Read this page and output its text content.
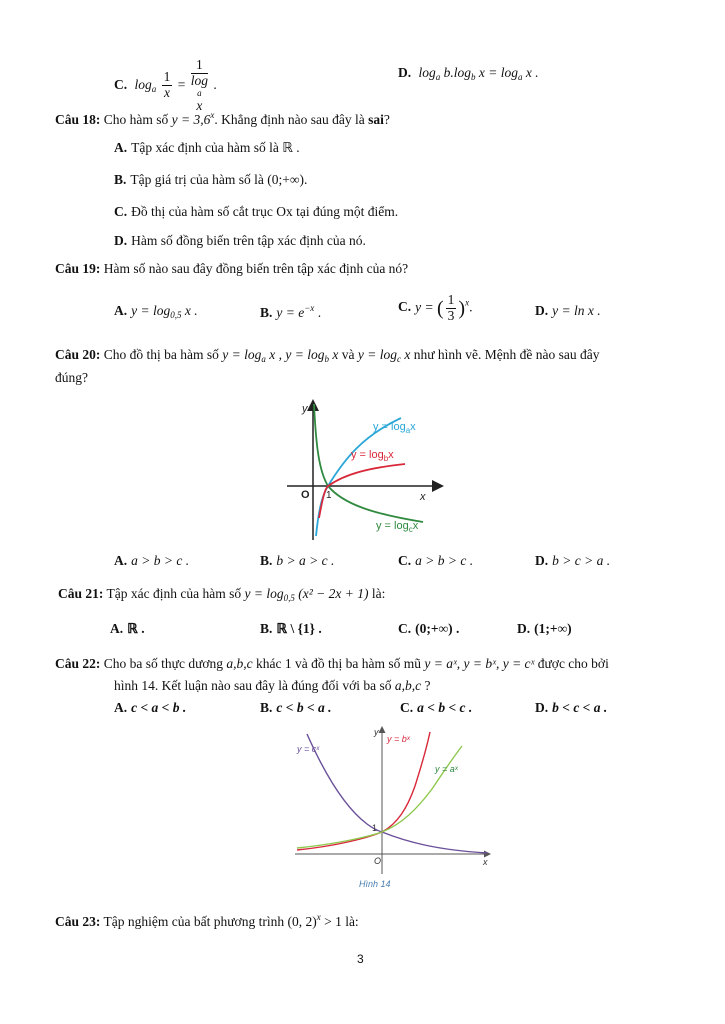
C. $\log_a \frac{1}{x} = 1$
log
a
x .
D. $\log_a b.\log_b$ $x = \log_a x$ .
Câu 18: Cho hàm số $y = 3,6^x$. Khẳng định nào sau đây là sai?
A. Tập xác định của hàm số là ℝ .
B. Tập giá trị của hàm số là (0;+∞).
C. Đồ thị của hàm số cắt trục Ox tại đúng một điểm.
D. Hàm số đồng biến trên tập xác định của nó.
Câu 19: Hàm số nào sau đây đồng biến trên tập xác định của nó?
A. $y = \log_{0,5} x$ .	B. $y = e^{-x}$ .	C. y = ( $\frac{1}{3} )^x$.	D. y = ln x .
Câu 20: Cho đồ thị ba hàm số $y = \log_a x$ , $y = \log_b x$ và $y = \log_c x$ như hình vẽ. Mệnh đề nào sau đây
đúng?
y
x
O 1
$y = \log_ax$
$y = \log_bx$
$y = \log_cx$
A. a > b > c .	B. b > a > c .	C. a > b > c .	D. b > c > a .
Câu 21: Tập xác định của hàm số $y = \log_{0,5} (x^2 - 2x + 1)$ là:
A. ℝ .	B. ℝ \ {1} .	C. (0;+∞) .	D. (1;+∞)
Câu 22: Cho ba số thực dương a,b,c khác 1 và đồ thị ba hàm số mũ y = aˣ, y = bˣ, y = cˣ được cho bởi
hình 14. Kết luận nào sau đây là đúng đối với ba số a,b,c ?
A. c < a < b .	B. c < b < a .	C. a < b < c .	D. b < c < a .
y
x
O
1
y = cˣ
y = bˣ
y = aˣ
Hình 14
Câu 23: Tập nghiệm của bất phương trình (0, 2)$^x$ > 1 là:
3
